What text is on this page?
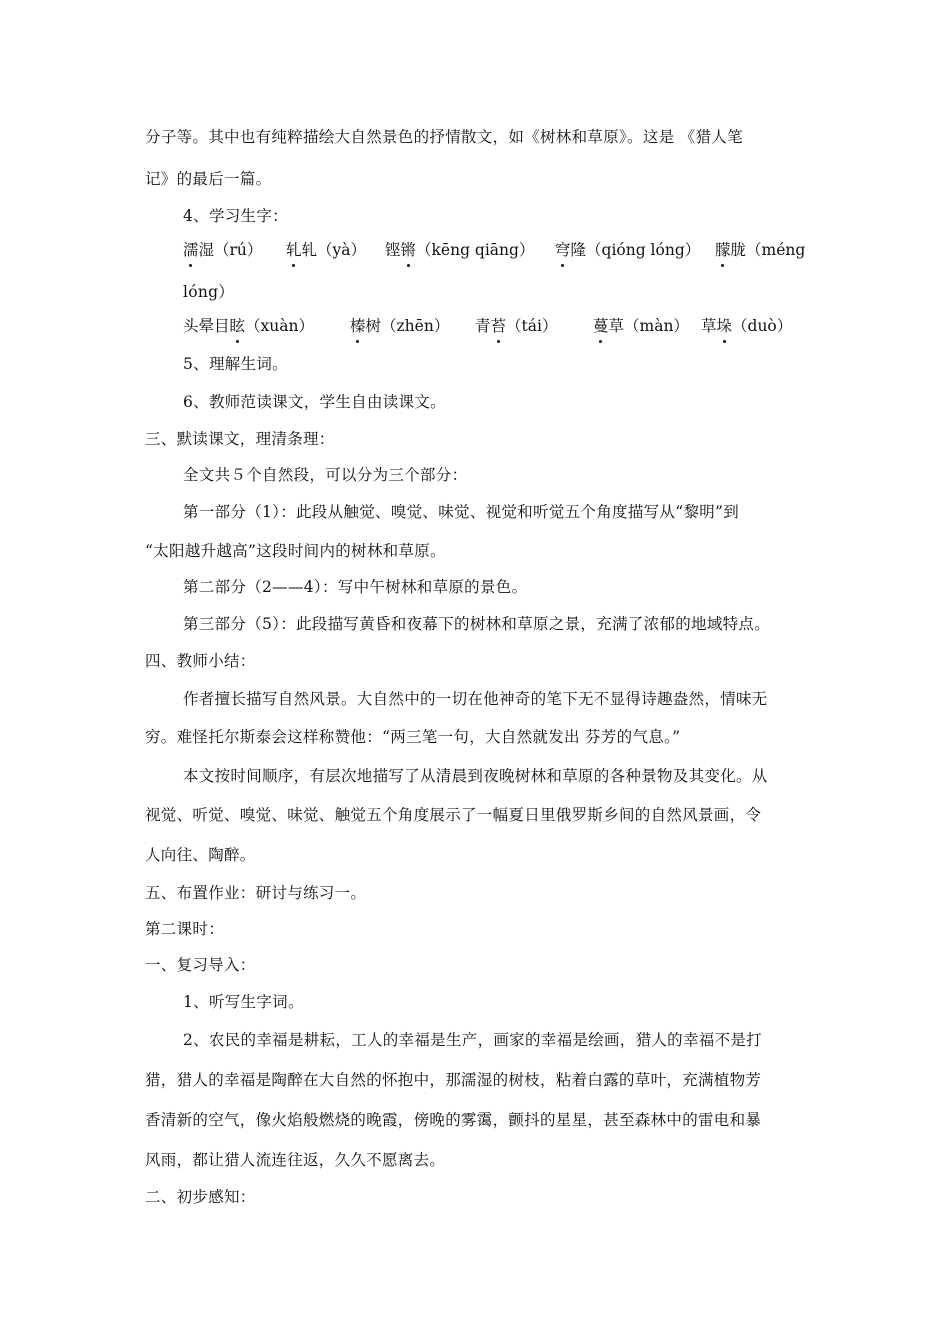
分子等。其中也有纯粹描绘大自然景色的抒情散文，如《树林和草原》。这是 《猎人笔
记》的最后一篇。
4、学习生字：
濡湿（rú） 轧轧（yà） 铿锵（kēng qiāng） 穹隆（qióng lóng） 朦胧（méng
lóng）
头晕目眩（xuàn） 榛树（zhēn） 青苔（tái） 蔓草（màn） 草垛（duò）
5、理解生词。
6、教师范读课文，学生自由读课文。
三、默读课文，理清条理：
全文共５个自然段，可以分为三个部分：
第一部分（1）：此段从触觉、嗅觉、味觉、视觉和听觉五个角度描写从“黎明”到
“太阳越升越高”这段时间内的树林和草原。
第二部分（2——4）：写中午树林和草原的景色。
第三部分（5）：此段描写黄昏和夜幕下的树林和草原之景，充满了浓郁的地域特点。
四、教师小结：
作者擅长描写自然风景。大自然中的一切在他神奇的笔下无不显得诗趣盎然，情味无
穷。难怪托尔斯泰会这样称赞他：“两三笔一句，大自然就发出 芬芳的气息。”
本文按时间顺序，有层次地描写了从清晨到夜晚树林和草原的各种景物及其变化。从
视觉、听觉、嗅觉、味觉、触觉五个角度展示了一幅夏日里俄罗斯乡间的自然风景画，令
人向往、陶醉。
五、布置作业：研讨与练习一。
第二课时：
一、复习导入：
1、听写生字词。
2、农民的幸福是耕耘，工人的幸福是生产，画家的幸福是绘画，猎人的幸福不是打
猎，猎人的幸福是陶醉在大自然的怀抱中，那濡湿的树枝，粘着白露的草叶，充满植物芳
香清新的空气，像火焰般燃烧的晚霞，傍晚的雾霭，颤抖的星星，甚至森林中的雷电和暴
风雨，都让猎人流连往返，久久不愿离去。
二、初步感知：
